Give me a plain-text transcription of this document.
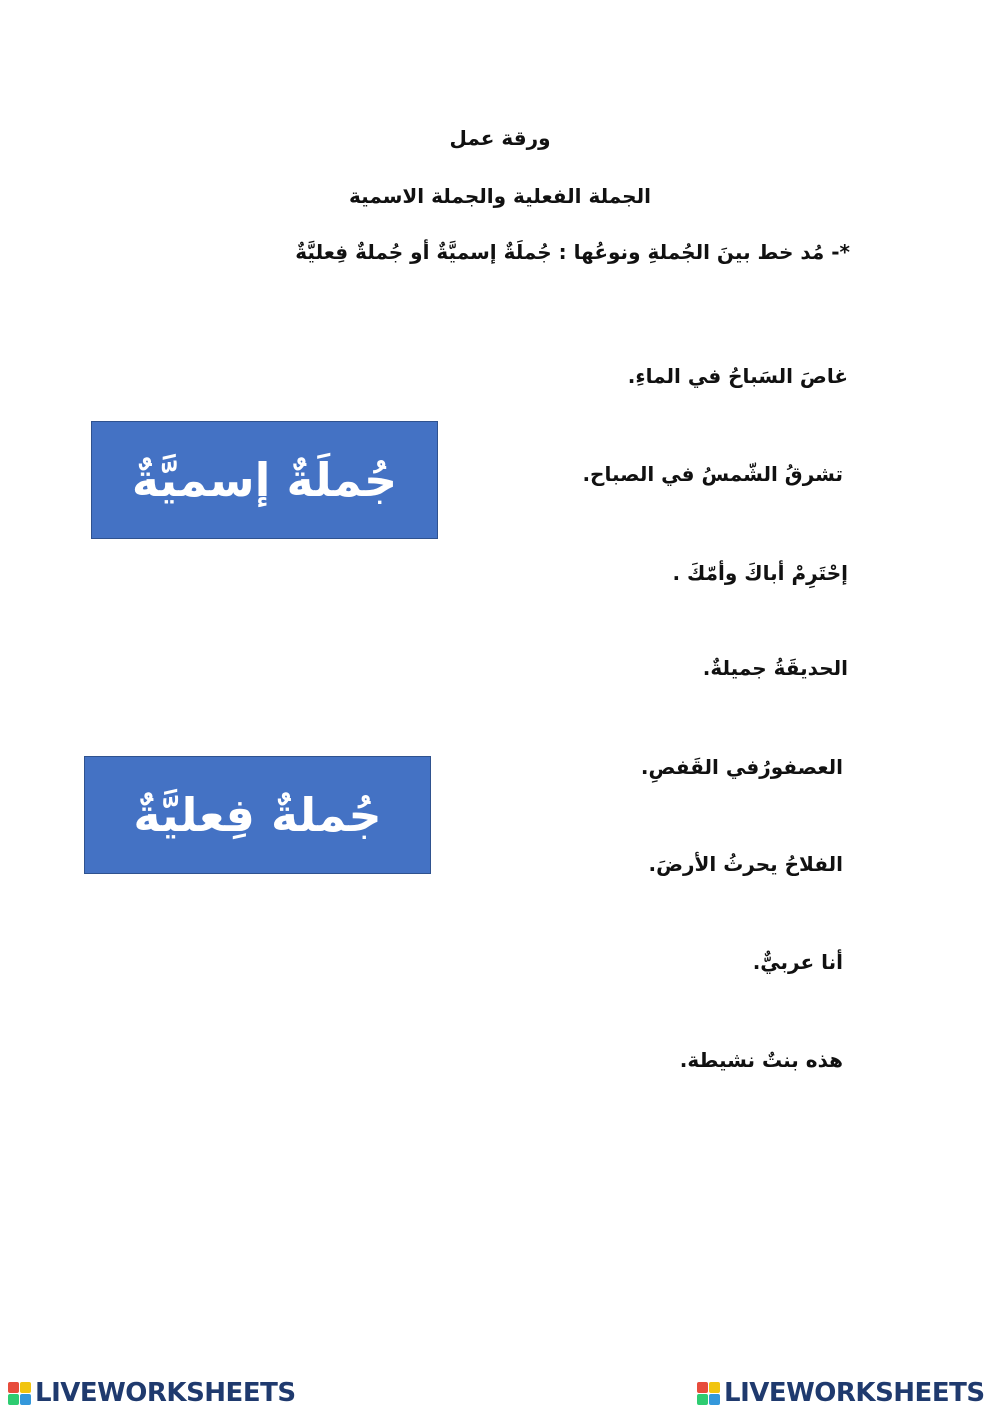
ورقة عمل
الجملة الفعلية والجملة الاسمية
*- مُد خط بينَ الجُملةِ ونوعُها : جُملَةٌ إسميَّةٌ أو جُملةٌ فِعليَّةٌ
غاصَ السَباحُ في الماءِ.
تشرقُ الشّمسُ في الصباح.
إحْتَرِمْ أباكَ وأمّكَ .
الحديقَةُ جميلةٌ.
العصفورُفي القَفصِ.
الفلاحُ يحرثُ الأرضَ.
أنا عربيٌّ.
هذه بنتٌ نشيطة.
جُملَةٌ إسميَّةٌ
جُملةٌ فِعليَّةٌ
LIVEWORKSHEETS	LIVEWORKSHEETS
